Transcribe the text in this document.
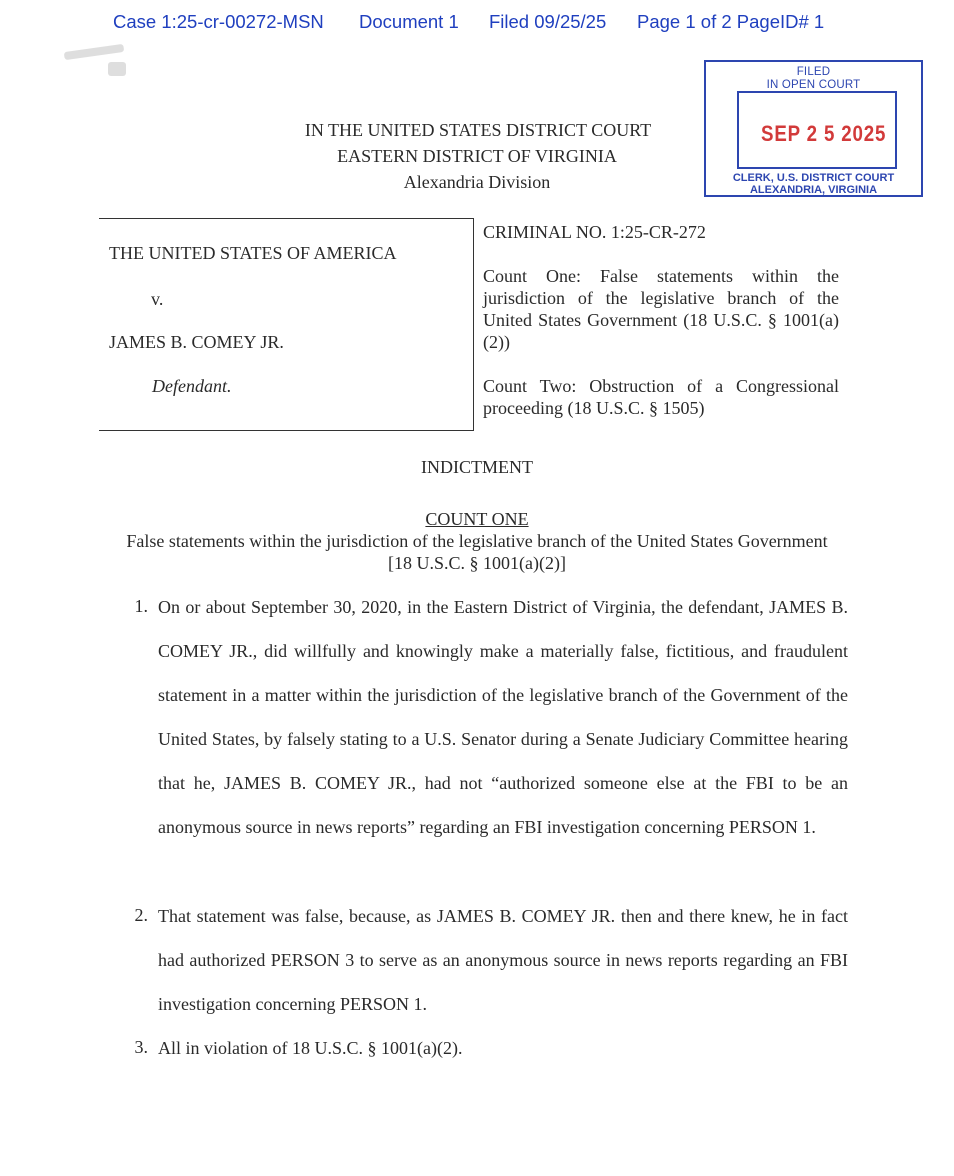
Case 1:25-cr-00272-MSN Document 1 Filed 09/25/25 Page 1 of 2 PageID# 1
IN THE UNITED STATES DISTRICT COURT
EASTERN DISTRICT OF VIRGINIA
Alexandria Division
FILED
IN OPEN COURT
SEP 2 5 2025
CLERK, U.S. DISTRICT COURT
ALEXANDRIA, VIRGINIA
THE UNITED STATES OF AMERICA
v.
JAMES B. COMEY JR.
Defendant.
CRIMINAL NO. 1:25-CR-272
Count One: False statements within the jurisdiction of the legislative branch of the United States Government (18 U.S.C. § 1001(a)(2))
Count Two: Obstruction of a Congressional proceeding (18 U.S.C. § 1505)
INDICTMENT
COUNT ONE
False statements within the jurisdiction of the legislative branch of the United States Government
[18 U.S.C. § 1001(a)(2)]
1. On or about September 30, 2020, in the Eastern District of Virginia, the defendant, JAMES B. COMEY JR., did willfully and knowingly make a materially false, fictitious, and fraudulent statement in a matter within the jurisdiction of the legislative branch of the Government of the United States, by falsely stating to a U.S. Senator during a Senate Judiciary Committee hearing that he, JAMES B. COMEY JR., had not “authorized someone else at the FBI to be an anonymous source in news reports” regarding an FBI investigation concerning PERSON 1.
2. That statement was false, because, as JAMES B. COMEY JR. then and there knew, he in fact had authorized PERSON 3 to serve as an anonymous source in news reports regarding an FBI investigation concerning PERSON 1.
3. All in violation of 18 U.S.C. § 1001(a)(2).
